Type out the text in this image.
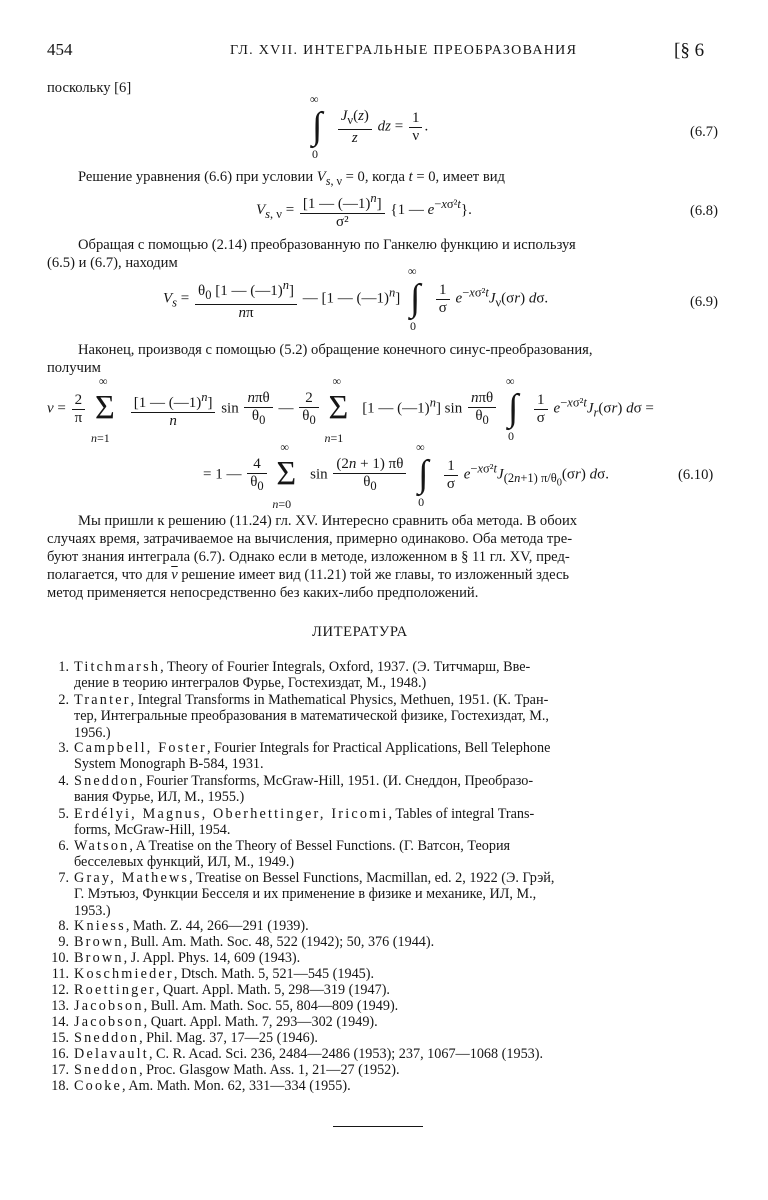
454	ГЛ. XVII. ИНТЕГРАЛЬНЫЕ ПРЕОБРАЗОВАНИЯ	[§ 6
поскольку [6]
∞
∫
0

$\frac{J_\nu(z)}{z}$ dz = $\frac{1}{\nu}$ .	(6.7)
Решение уравнения (6.6) при условии $V_{s, \nu} = 0$, когда t = 0, имеет вид
$V_{s, \nu} = \frac{[1 — (—1)^n]}{\text{σ²}} \{1$ — $e^{-x\sigma^2t}$}.	(6.8)
Обращая с помощью (2.14) преобразованную по Ганкелю функцию и используя
(6.5) и (6.7), находим
$V_s = \frac{\theta_0 [1 — (—1)^n]}{n\pi}$ — [1 — (—1)$^n$]
∞
∫
0

$\frac{1}{\sigma} e^{-x\sigma^2t}J_\nu(\sigma r)$ dσ.	(6.9)
Наконец, производя с помощью (5.2) обращение конечного синус-преобразования,
получим
$v = \frac{2}{\pi}$

∞
Σ
n=1

$\frac{[1 — (—1)^n]}{n}$ $\sin \frac{\text{nπθ}}{\theta_0}$ — $\frac{2}{\theta_0}$

∞
Σ
n=1
[1 — (—1)$^n$] $\sin \frac{\text{nπθ}}{\theta_0}$

∞
∫
0

$\frac{1}{\sigma} e^{-x\sigma^2t}J_r(\sigma r) d\sigma$ =
= 1 — $\frac{4}{\theta_0}$

∞
Σ
n=0
$\sin \frac{(2n + 1) \pi\theta}{\theta_0}$

∞
∫
0

$\frac{1}{\sigma} e^{-x\sigma^2t}J_{(2n+1) \pi/\theta_0}(\sigma r)$ dσ.	(6.10)
Мы пришли к решению (11.24) гл. XV. Интересно сравнить оба метода. В обоих
случаях время, затрачиваемое на вычисления, примерно одинаково. Оба метода тре-
буют знания интеграла (6.7). Однако если в методе, изложенном в § 11 гл. XV, пред-
полагается, что для $\overline{v}$ решение имеет вид (11.21) той же главы, то изложенный здесь
метод применяется непосредственно без каких-либо предположений.
ЛИТЕРАТУРА
1. Titchmarsh, Theory of Fourier Integrals, Oxford, 1937. (Э. Титчмарш, Вве-
дение в теорию интегралов Фурье, Гостехиздат, М., 1948.)
2. Tranter, Integral Transforms in Mathematical Physics, Methuen, 1951. (К. Тран-
тер, Интегральные преобразования в математической физике, Гостехиздат, М.,
1956.)
3. Campbell, Foster, Fourier Integrals for Practical Applications, Bell Telephone
System Monograph B-584, 1931.
4. Sneddon, Fourier Transforms, McGraw-Hill, 1951. (И. Снеддон, Преобразо-
вания Фурье, ИЛ, М., 1955.)
5. Erdélyi, Magnus, Oberhettinger, Iricomi, Tables of integral Trans-
forms, McGraw-Hill, 1954.
6. Watson, A Treatise on the Theory of Bessel Functions. (Г. Ватсон, Теория
бесселевых функций, ИЛ, М., 1949.)
7. Gray, Mathews, Treatise on Bessel Functions, Macmillan, ed. 2, 1922 (Э. Грэй,
Г. Мэтьюз, Функции Бесселя и их применение в физике и механике, ИЛ, М.,
1953.)
8. Kniess, Math. Z. 44, 266—291 (1939).
9. Brown, Bull. Am. Math. Soc. 48, 522 (1942); 50, 376 (1944).
10. Brown, J. Appl. Phys. 14, 609 (1943).
11. Koschmieder, Dtsch. Math. 5, 521—545 (1945).
12. Roettinger, Quart. Appl. Math. 5, 298—319 (1947).
13. Jacobson, Bull. Am. Math. Soc. 55, 804—809 (1949).
14. Jacobson, Quart. Appl. Math. 7, 293—302 (1949).
15. Sneddon, Phil. Mag. 37, 17—25 (1946).
16. Delavault, C. R. Acad. Sci. 236, 2484—2486 (1953); 237, 1067—1068 (1953).
17. Sneddon, Proc. Glasgow Math. Ass. 1, 21—27 (1952).
18. Cooke, Am. Math. Mon. 62, 331—334 (1955).
